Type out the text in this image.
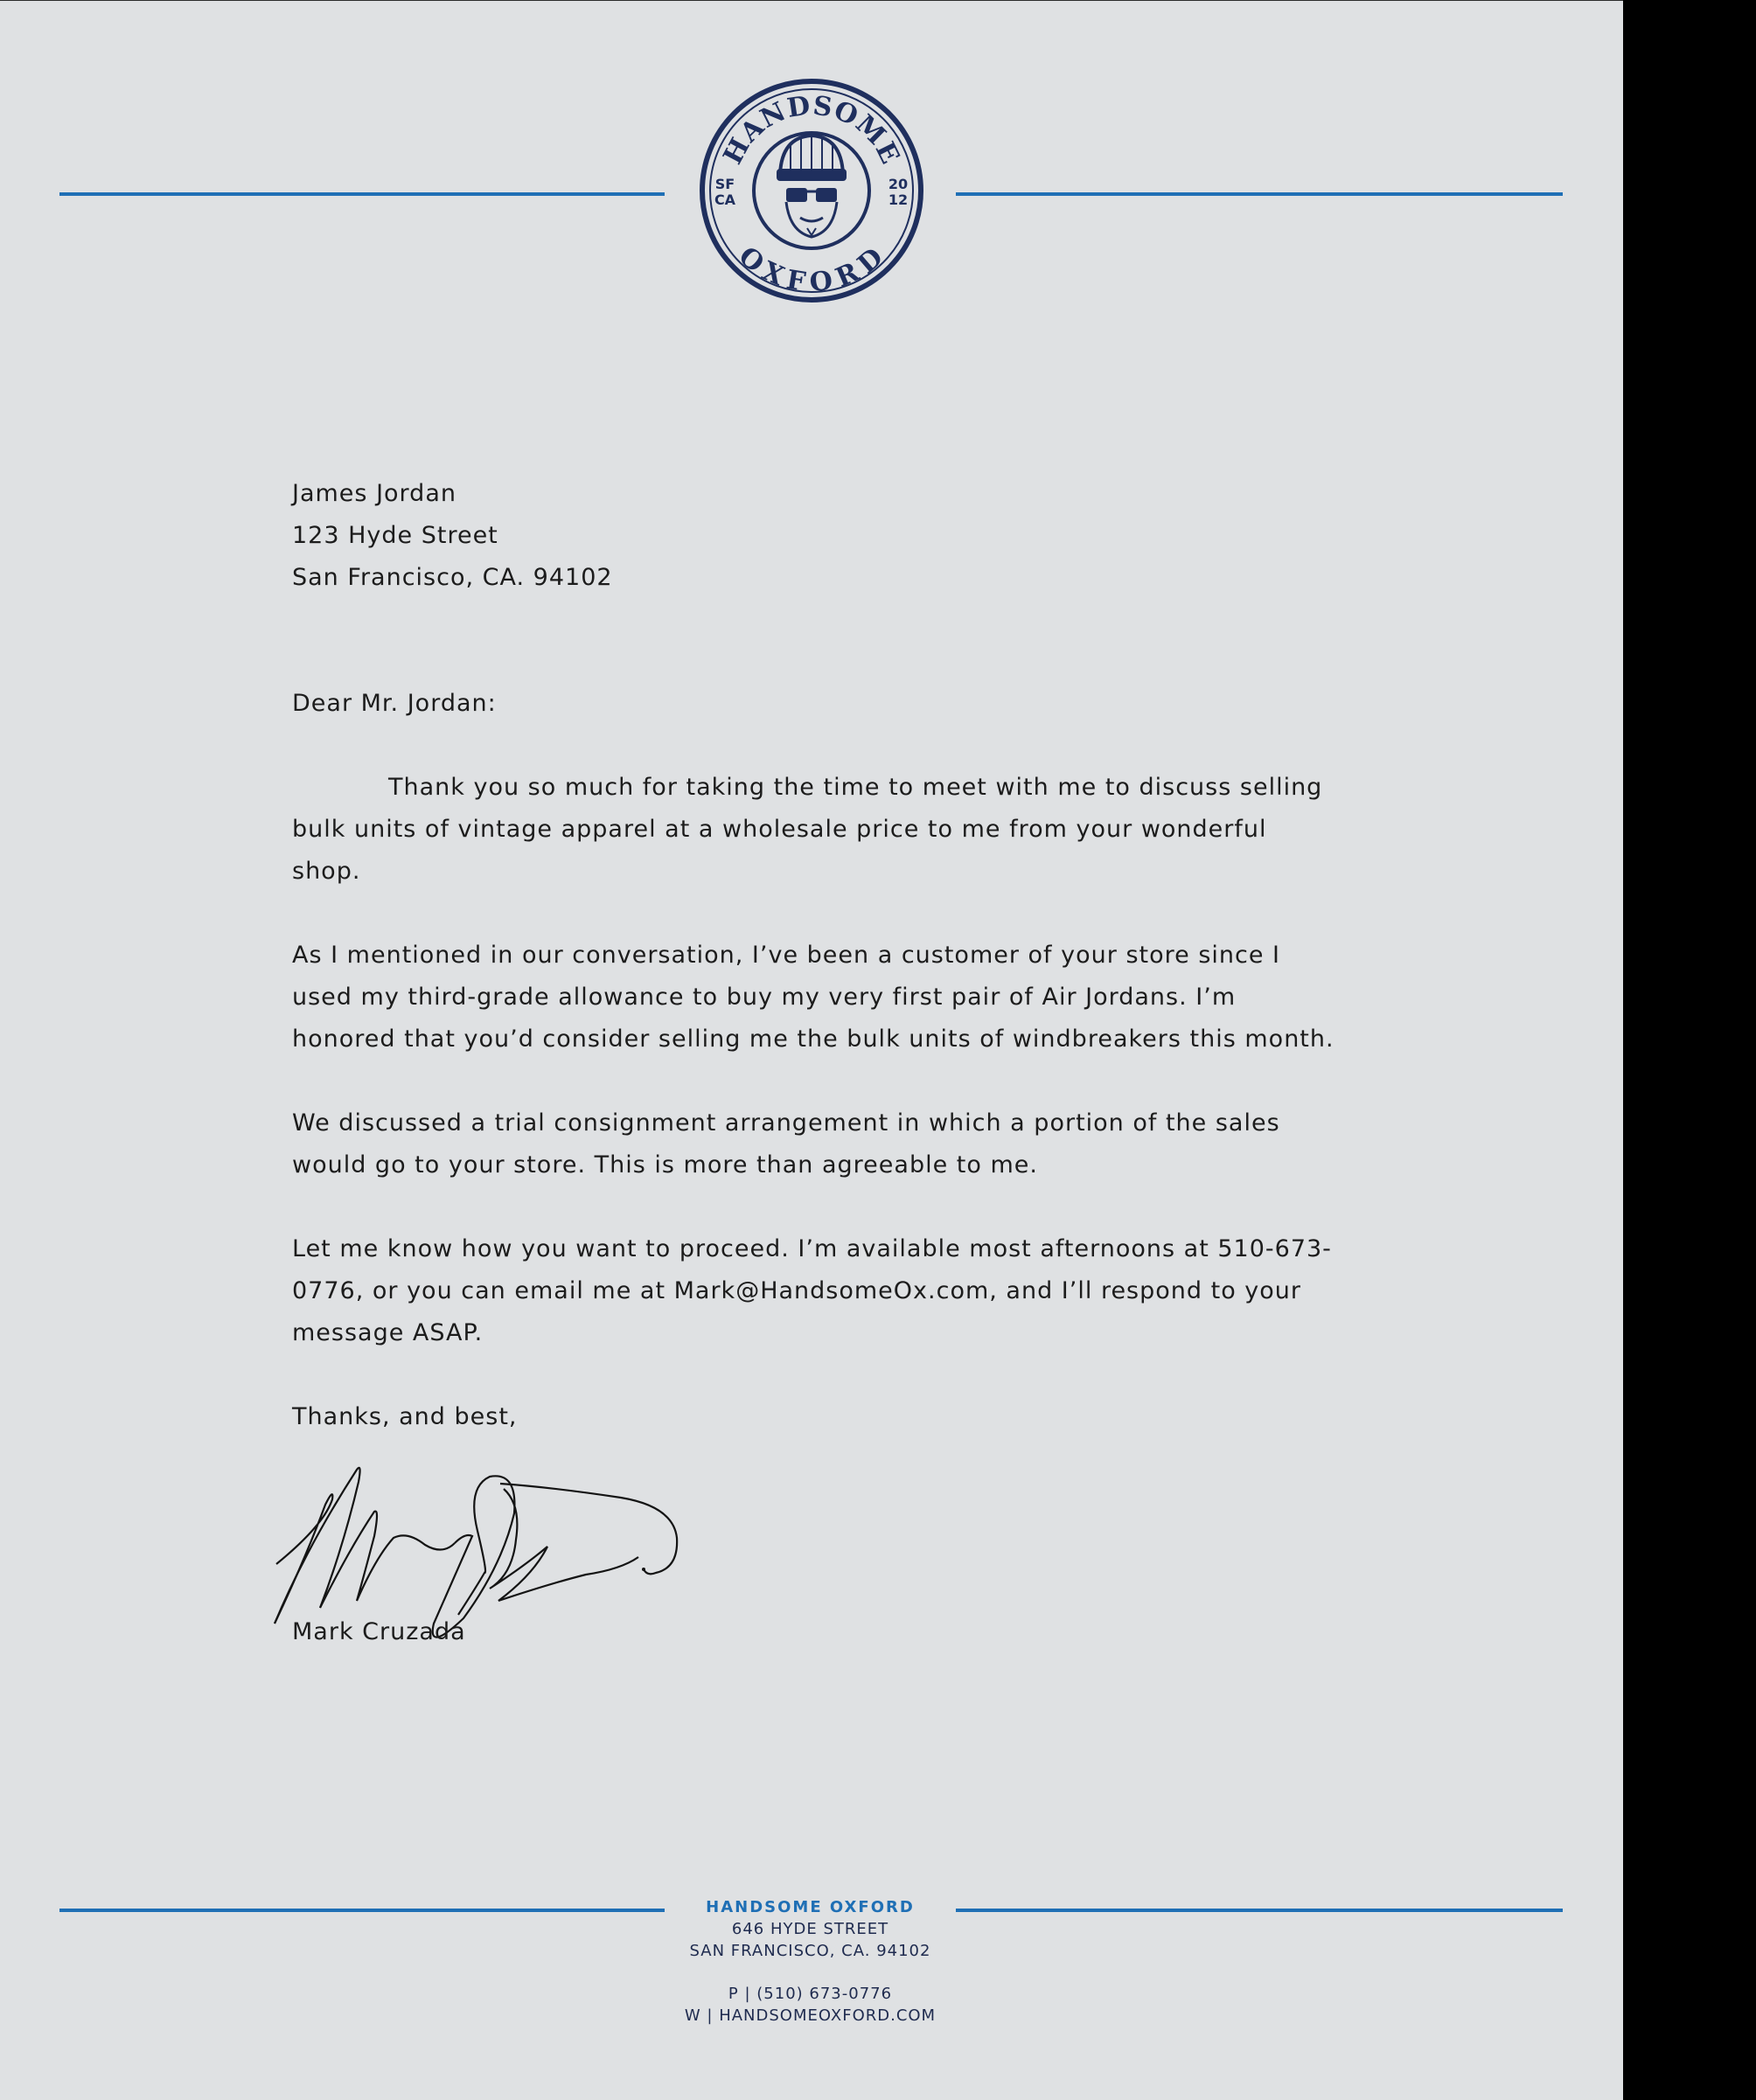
HANDSOME
OXFORD
SF
CA
20
12

James Jordan

123 Hyde Street

San Francisco, CA. 94102

Dear Mr. Jordan:

Thank you so much for taking the time to meet with me to discuss selling bulk units of vintage apparel at a wholesale price to me from your wonderful shop.

As I mentioned in our conversation, I’ve been a customer of your store since I used my third-grade allowance to buy my very first pair of Air Jordans. I’m honored that you’d consider selling me the bulk units of windbreakers this month.

We discussed a trial consignment arrangement in which a portion of the sales would go to your store. This is more than agreeable to me.

Let me know how you want to proceed. I’m available most afternoons at 510-673-0776, or you can email me at Mark@HandsomeOx.com, and I’ll respond to your message ASAP.

Thanks, and best,

Mark Cruzada
HANDSOME OXFORD
646 HYDE STREET
SAN FRANCISCO, CA. 94102
P | (510) 673-0776
W | HANDSOMEOXFORD.COM
